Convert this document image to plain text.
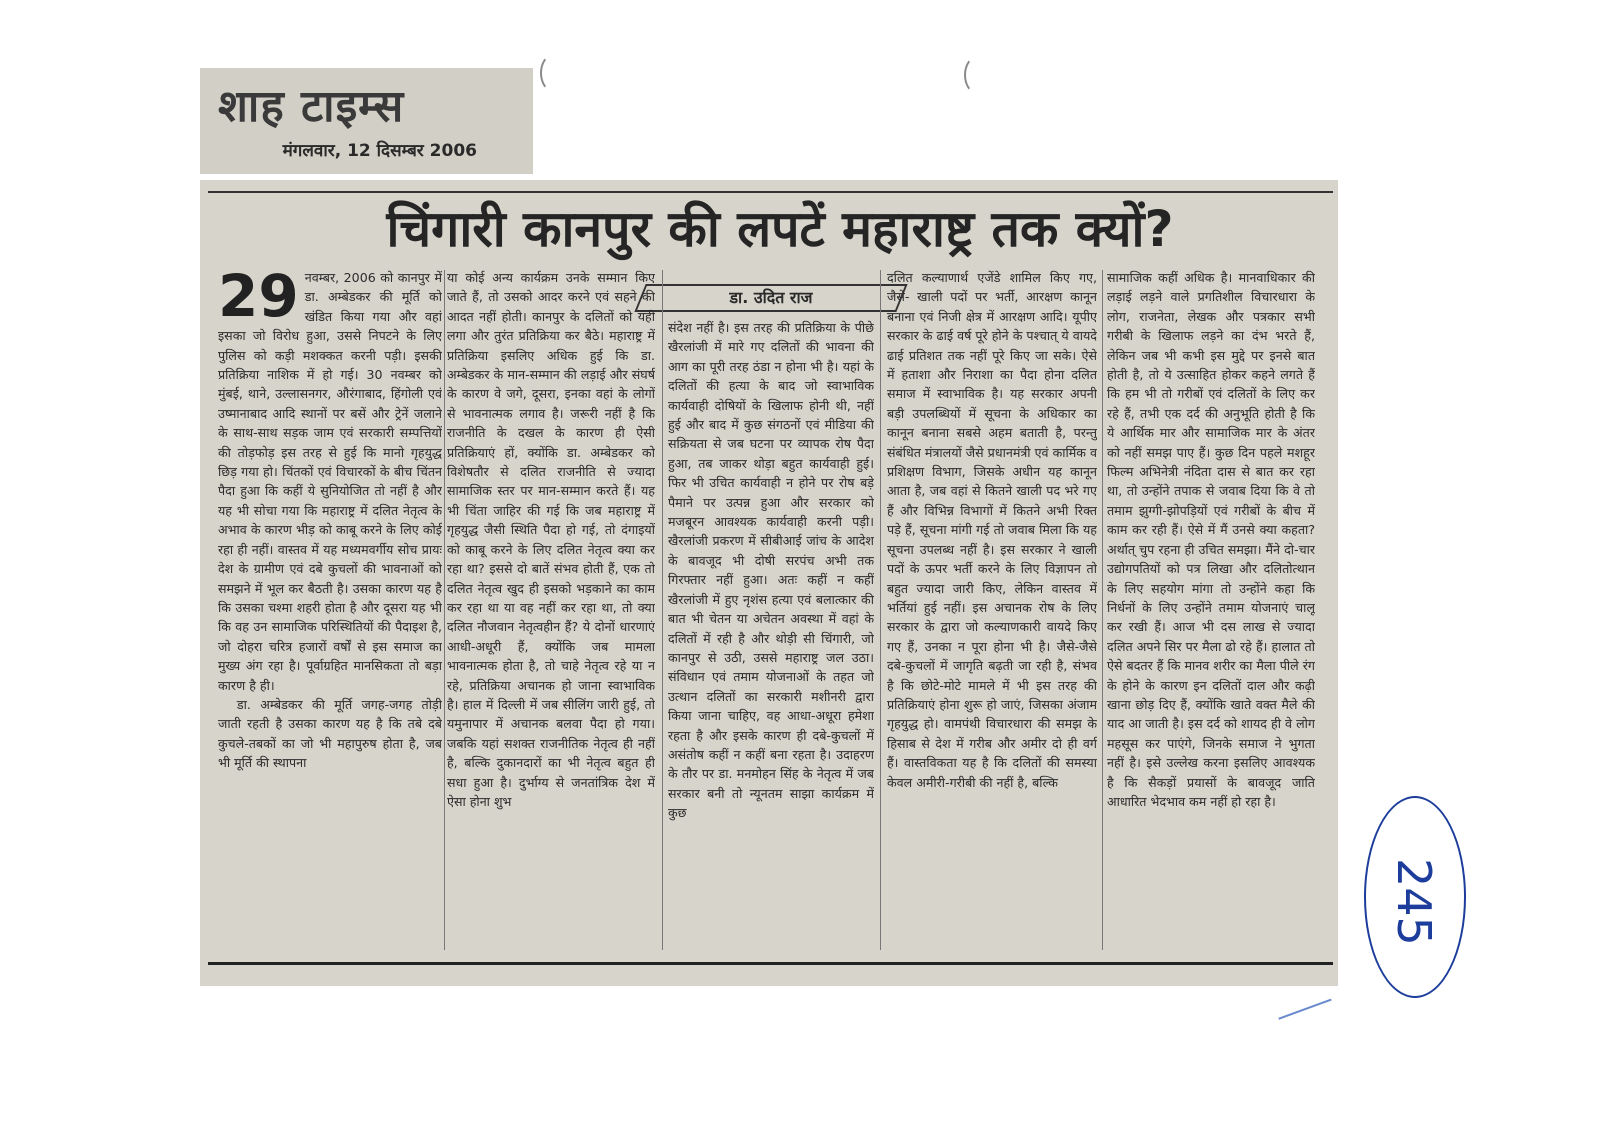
शाह टाइम्स
मंगलवार, 12 दिसम्बर 2006
चिंगारी कानपुर की लपटें महाराष्ट्र तक क्यों?
डा. उदित राज

29 नवम्बर, 2006 को कानपुर में डा. अम्बेडकर की मूर्ति को खंडित किया गया और वहां इसका जो विरोध हुआ, उससे निपटने के लिए पुलिस को कड़ी मशक्कत करनी पड़ी। इसकी प्रतिक्रिया नाशिक में हो गई। 30 नवम्बर को मुंबई, थाने, उल्लासनगर, औरंगाबाद, हिंगोली एवं उष्मानाबाद आदि स्थानों पर बसें और ट्रेनें जलाने के साथ-साथ सड़क जाम एवं सरकारी सम्पत्तियों की तोड़फोड़ इस तरह से हुई कि मानो गृहयुद्ध छिड़ गया हो। चिंतकों एवं विचारकों के बीच चिंतन पैदा हुआ कि कहीं ये सुनियोजित तो नहीं है और यह भी सोचा गया कि महाराष्ट्र में दलित नेतृत्व के अभाव के कारण भीड़ को काबू करने के लिए कोई रहा ही नहीं। वास्तव में यह मध्यमवर्गीय सोच प्रायः देश के ग्रामीण एवं दबे कुचलों की भावनाओं को समझने में भूल कर बैठती है। उसका कारण यह है कि उसका चश्मा शहरी होता है और दूसरा यह भी कि वह उन सामाजिक परिस्थितियों की पैदाइश है, जो दोहरा चरित्र हजारों वर्षों से इस समाज का मुख्य अंग रहा है। पूर्वाग्रहित मानसिकता तो बड़ा कारण है ही।

डा. अम्बेडकर की मूर्ति जगह-जगह तोड़ी जाती रहती है उसका कारण यह है कि तबे दबे कुचले-तबकों का जो भी महापुरुष होता है, जब भी मूर्ति की स्थापना

या कोई अन्य कार्यक्रम उनके सम्मान किए जाते हैं, तो उसको आदर करने एवं सहने की आदत नहीं होती। कानपुर के दलितों को यही लगा और तुरंत प्रतिक्रिया कर बैठे। महाराष्ट्र में प्रतिक्रिया इसलिए अधिक हुई कि डा. अम्बेडकर के मान-सम्मान की लड़ाई और संघर्ष के कारण वे जगे, दूसरा, इनका वहां के लोगों से भावनात्मक लगाव है। जरूरी नहीं है कि राजनीति के दखल के कारण ही ऐसी प्रतिक्रियाएं हों, क्योंकि डा. अम्बेडकर को विशेषतौर से दलित राजनीति से ज्यादा सामाजिक स्तर पर मान-सम्मान करते हैं। यह भी चिंता जाहिर की गई कि जब महाराष्ट्र में गृहयुद्ध जैसी स्थिति पैदा हो गई, तो दंगाइयों को काबू करने के लिए दलित नेतृत्व क्या कर रहा था? इससे दो बातें संभव होती हैं, एक तो दलित नेतृत्व खुद ही इसको भड़काने का काम कर रहा था या वह नहीं कर रहा था, तो क्या दलित नौजवान नेतृत्वहीन हैं? ये दोनों धारणाएं आधी-अधूरी हैं, क्योंकि जब मामला भावनात्मक होता है, तो चाहे नेतृत्व रहे या न रहे, प्रतिक्रिया अचानक हो जाना स्वाभाविक है। हाल में दिल्ली में जब सीलिंग जारी हुई, तो यमुनापार में अचानक बलवा पैदा हो गया। जबकि यहां सशक्त राजनीतिक नेतृत्व ही नहीं है, बल्कि दुकानदारों का भी नेतृत्व बहुत ही सधा हुआ है। दुर्भाग्य से जनतांत्रिक देश में ऐसा होना शुभ

संदेश नहीं है। इस तरह की प्रतिक्रिया के पीछे खैरलांजी में मारे गए दलितों की भावना की आग का पूरी तरह ठंडा न होना भी है। यहां के दलितों की हत्या के बाद जो स्वाभाविक कार्यवाही दोषियों के खिलाफ होनी थी, नहीं हुई और बाद में कुछ संगठनों एवं मीडिया की सक्रियता से जब घटना पर व्यापक रोष पैदा हुआ, तब जाकर थोड़ा बहुत कार्यवाही हुई। फिर भी उचित कार्यवाही न होने पर रोष बड़े पैमाने पर उत्पन्न हुआ और सरकार को मजबूरन आवश्यक कार्यवाही करनी पड़ी। खैरलांजी प्रकरण में सीबीआई जांच के आदेश के बावजूद भी दोषी सरपंच अभी तक गिरफ्तार नहीं हुआ। अतः कहीं न कहीं खैरलांजी में हुए नृशंस हत्या एवं बलात्कार की बात भी चेतन या अचेतन अवस्था में वहां के दलितों में रही है और थोड़ी सी चिंगारी, जो कानपुर से उठी, उससे महाराष्ट्र जल उठा। संविधान एवं तमाम योजनाओं के तहत जो उत्थान दलितों का सरकारी मशीनरी द्वारा किया जाना चाहिए, वह आधा-अधूरा हमेशा रहता है और इसके कारण ही दबे-कुचलों में असंतोष कहीं न कहीं बना रहता है। उदाहरण के तौर पर डा. मनमोहन सिंह के नेतृत्व में जब सरकार बनी तो न्यूनतम साझा कार्यक्रम में कुछ

दलित कल्याणार्थ एजेंडे शामिल किए गए, जैसे- खाली पदों पर भर्ती, आरक्षण कानून बनाना एवं निजी क्षेत्र में आरक्षण आदि। यूपीए सरकार के ढाई वर्ष पूरे होने के पश्चात् ये वायदे ढाई प्रतिशत तक नहीं पूरे किए जा सके। ऐसे में हताशा और निराशा का पैदा होना दलित समाज में स्वाभाविक है। यह सरकार अपनी बड़ी उपलब्धियों में सूचना के अधिकार का कानून बनाना सबसे अहम बताती है, परन्तु संबंधित मंत्रालयों जैसे प्रधानमंत्री एवं कार्मिक व प्रशिक्षण विभाग, जिसके अधीन यह कानून आता है, जब वहां से कितने खाली पद भरे गए हैं और विभिन्न विभागों में कितने अभी रिक्त पड़े हैं, सूचना मांगी गई तो जवाब मिला कि यह सूचना उपलब्ध नहीं है। इस सरकार ने खाली पदों के ऊपर भर्ती करने के लिए विज्ञापन तो बहुत ज्यादा जारी किए, लेकिन वास्तव में भर्तियां हुई नहीं। इस अचानक रोष के लिए सरकार के द्वारा जो कल्याणकारी वायदे किए गए हैं, उनका न पूरा होना भी है। जैसे-जैसे दबे-कुचलों में जागृति बढ़ती जा रही है, संभव है कि छोटे-मोटे मामले में भी इस तरह की प्रतिक्रियाएं होना शुरू हो जाएं, जिसका अंजाम गृहयुद्ध हो। वामपंथी विचारधारा की समझ के हिसाब से देश में गरीब और अमीर दो ही वर्ग हैं। वास्तविकता यह है कि दलितों की समस्या केवल अमीरी-गरीबी की नहीं है, बल्कि

सामाजिक कहीं अधिक है। मानवाधिकार की लड़ाई लड़ने वाले प्रगतिशील विचारधारा के लोग, राजनेता, लेखक और पत्रकार सभी गरीबी के खिलाफ लड़ने का दंभ भरते हैं, लेकिन जब भी कभी इस मुद्दे पर इनसे बात होती है, तो ये उत्साहित होकर कहने लगते हैं कि हम भी तो गरीबों एवं दलितों के लिए कर रहे हैं, तभी एक दर्द की अनुभूति होती है कि ये आर्थिक मार और सामाजिक मार के अंतर को नहीं समझ पाए हैं। कुछ दिन पहले मशहूर फिल्म अभिनेत्री नंदिता दास से बात कर रहा था, तो उन्होंने तपाक से जवाब दिया कि वे तो तमाम झुग्गी-झोपड़ियों एवं गरीबों के बीच में काम कर रही हैं। ऐसे में मैं उनसे क्या कहता? अर्थात् चुप रहना ही उचित समझा। मैंने दो-चार उद्योगपतियों को पत्र लिखा और दलितोत्थान के लिए सहयोग मांगा तो उन्होंने कहा कि निर्धनों के लिए उन्होंने तमाम योजनाएं चालू कर रखी हैं। आज भी दस लाख से ज्यादा दलित अपने सिर पर मैला ढो रहे हैं। हालात तो ऐसे बदतर हैं कि मानव शरीर का मैला पीले रंग के होने के कारण इन दलितों दाल और कढ़ी खाना छोड़ दिए हैं, क्योंकि खाते वक्त मैले की याद आ जाती है। इस दर्द को शायद ही वे लोग महसूस कर पाएंगे, जिनके समाज ने भुगता नहीं है। इसे उल्लेख करना इसलिए आवश्यक है कि सैकड़ों प्रयासों के बावजूद जाति आधारित भेदभाव कम नहीं हो रहा है।

245
